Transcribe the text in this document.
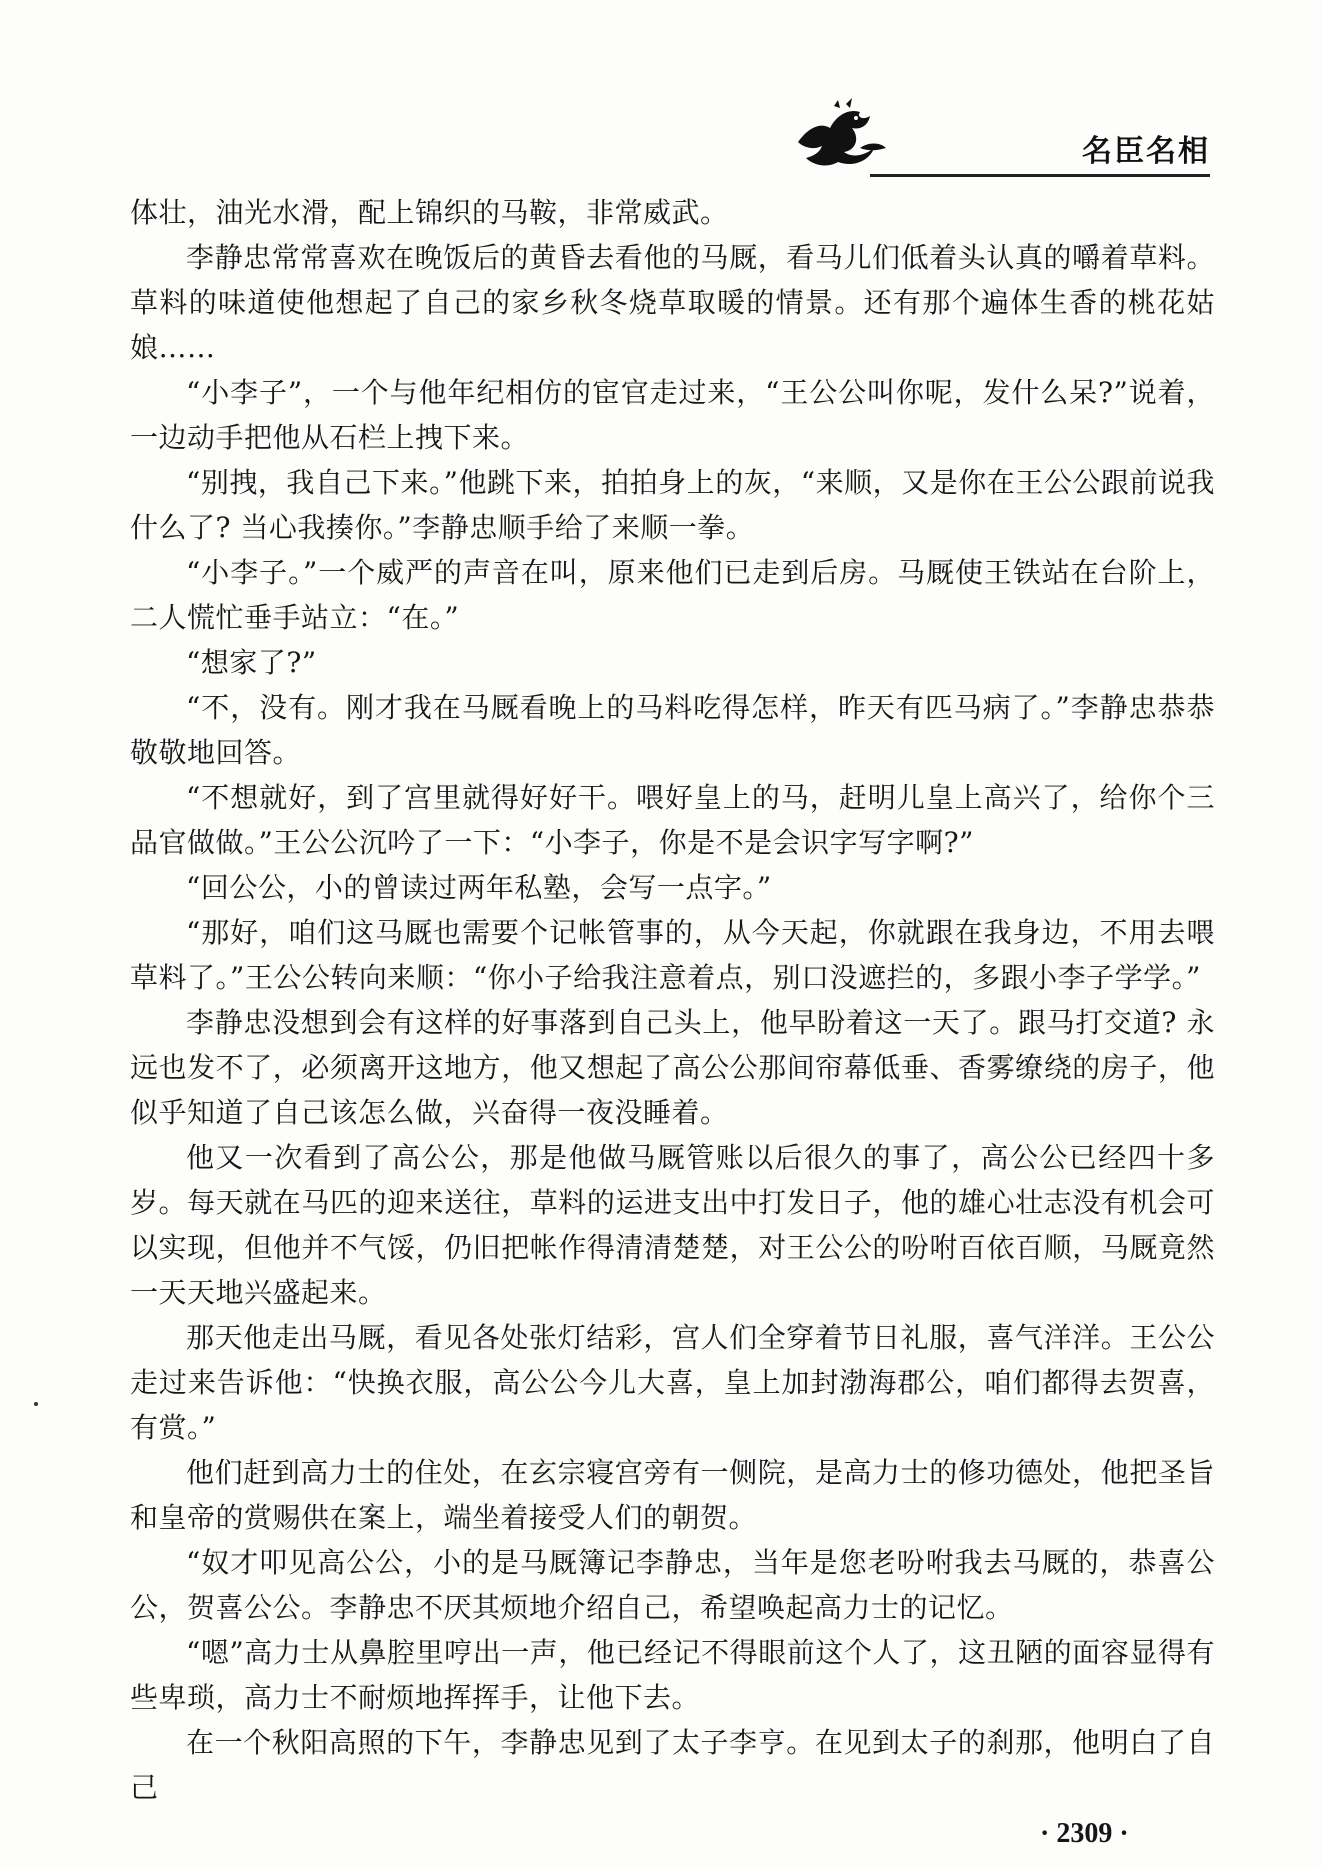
名臣名相

体壮，油光水滑，配上锦织的马鞍，非常威武。

李静忠常常喜欢在晚饭后的黄昏去看他的马厩，看马儿们低着头认真的嚼着草料。草料的味道使他想起了自己的家乡秋冬烧草取暖的情景。还有那个遍体生香的桃花姑娘……

“小李子”，一个与他年纪相仿的宦官走过来，“王公公叫你呢，发什么呆?”说着，一边动手把他从石栏上拽下来。

“别拽，我自己下来。”他跳下来，拍拍身上的灰，“来顺，又是你在王公公跟前说我什么了? 当心我揍你。”李静忠顺手给了来顺一拳。

“小李子。”一个威严的声音在叫，原来他们已走到后房。马厩使王铁站在台阶上，二人慌忙垂手站立：“在。”

“想家了?”

“不，没有。刚才我在马厩看晚上的马料吃得怎样，昨天有匹马病了。”李静忠恭恭敬敬地回答。

“不想就好，到了宫里就得好好干。喂好皇上的马，赶明儿皇上高兴了，给你个三品官做做。”王公公沉吟了一下：“小李子，你是不是会识字写字啊?”

“回公公，小的曾读过两年私塾，会写一点字。”

“那好，咱们这马厩也需要个记帐管事的，从今天起，你就跟在我身边，不用去喂草料了。”王公公转向来顺：“你小子给我注意着点，别口没遮拦的，多跟小李子学学。”

李静忠没想到会有这样的好事落到自己头上，他早盼着这一天了。跟马打交道? 永远也发不了，必须离开这地方，他又想起了高公公那间帘幕低垂、香雾缭绕的房子，他似乎知道了自己该怎么做，兴奋得一夜没睡着。

他又一次看到了高公公，那是他做马厩管账以后很久的事了，高公公已经四十多岁。每天就在马匹的迎来送往，草料的运进支出中打发日子，他的雄心壮志没有机会可以实现，但他并不气馁，仍旧把帐作得清清楚楚，对王公公的吩咐百依百顺，马厩竟然一天天地兴盛起来。

那天他走出马厩，看见各处张灯结彩，宫人们全穿着节日礼服，喜气洋洋。王公公走过来告诉他：“快换衣服，高公公今儿大喜，皇上加封渤海郡公，咱们都得去贺喜，有赏。”

他们赶到高力士的住处，在玄宗寝宫旁有一侧院，是高力士的修功德处，他把圣旨和皇帝的赏赐供在案上，端坐着接受人们的朝贺。

“奴才叩见高公公，小的是马厩簿记李静忠，当年是您老吩咐我去马厩的，恭喜公公，贺喜公公。李静忠不厌其烦地介绍自己，希望唤起高力士的记忆。

“嗯”高力士从鼻腔里哼出一声，他已经记不得眼前这个人了，这丑陋的面容显得有些卑琐，高力士不耐烦地挥挥手，让他下去。

在一个秋阳高照的下午，李静忠见到了太子李亨。在见到太子的刹那，他明白了自己

· 2309 ·
